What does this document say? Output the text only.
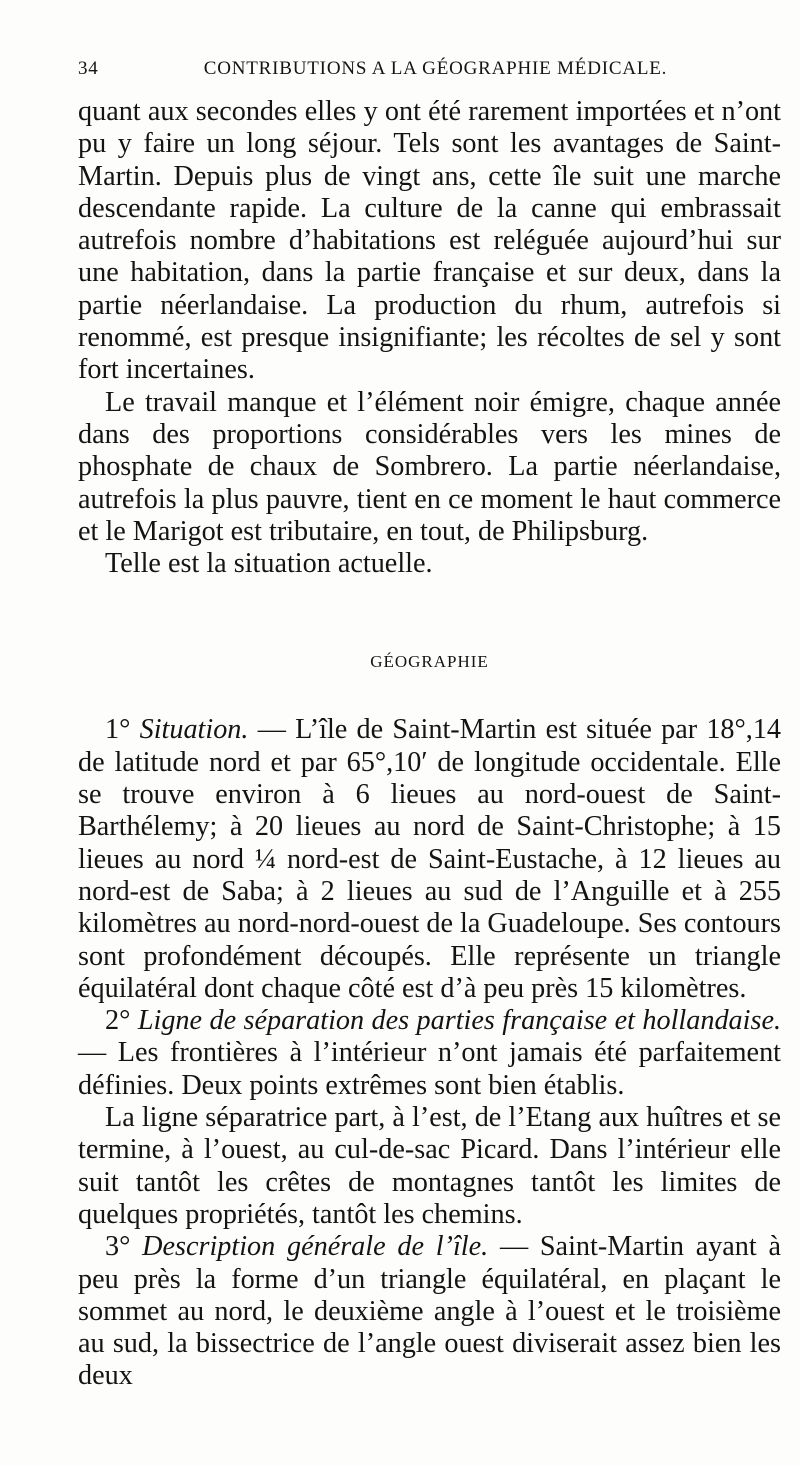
34	CONTRIBUTIONS A LA GÉOGRAPHIE MÉDICALE.

quant aux secondes elles y ont été rarement importées et n’ont pu y faire un long séjour. Tels sont les avantages de Saint-Martin. Depuis plus de vingt ans, cette île suit une marche descendante rapide. La culture de la canne qui embrassait autrefois nombre d’habitations est reléguée aujourd’hui sur une habitation, dans la partie française et sur deux, dans la partie néerlandaise. La production du rhum, autrefois si renommé, est presque insignifiante; les récoltes de sel y sont fort incertaines.

Le travail manque et l’élément noir émigre, chaque année dans des proportions considérables vers les mines de phosphate de chaux de Sombrero. La partie néerlandaise, autrefois la plus pauvre, tient en ce moment le haut commerce et le Marigot est tributaire, en tout, de Philipsburg.

Telle est la situation actuelle.

GÉOGRAPHIE

1° Situation. — L’île de Saint-Martin est située par 18°,14 de latitude nord et par 65°,10′ de longitude occidentale. Elle se trouve environ à 6 lieues au nord-ouest de Saint-Barthélemy; à 20 lieues au nord de Saint-Christophe; à 15 lieues au nord ¼ nord-est de Saint-Eustache, à 12 lieues au nord-est de Saba; à 2 lieues au sud de l’Anguille et à 255 kilomètres au nord-nord-ouest de la Guadeloupe. Ses contours sont profondément découpés. Elle représente un triangle équilatéral dont chaque côté est d’à peu près 15 kilomètres.

2° Ligne de séparation des parties française et hollandaise. — Les frontières à l’intérieur n’ont jamais été parfaitement définies. Deux points extrêmes sont bien établis.

La ligne séparatrice part, à l’est, de l’Etang aux huîtres et se termine, à l’ouest, au cul-de-sac Picard. Dans l’intérieur elle suit tantôt les crêtes de montagnes tantôt les limites de quelques propriétés, tantôt les chemins.

3° Description générale de l’île. — Saint-Martin ayant à peu près la forme d’un triangle équilatéral, en plaçant le sommet au nord, le deuxième angle à l’ouest et le troisième au sud, la bissectrice de l’angle ouest diviserait assez bien les deux
